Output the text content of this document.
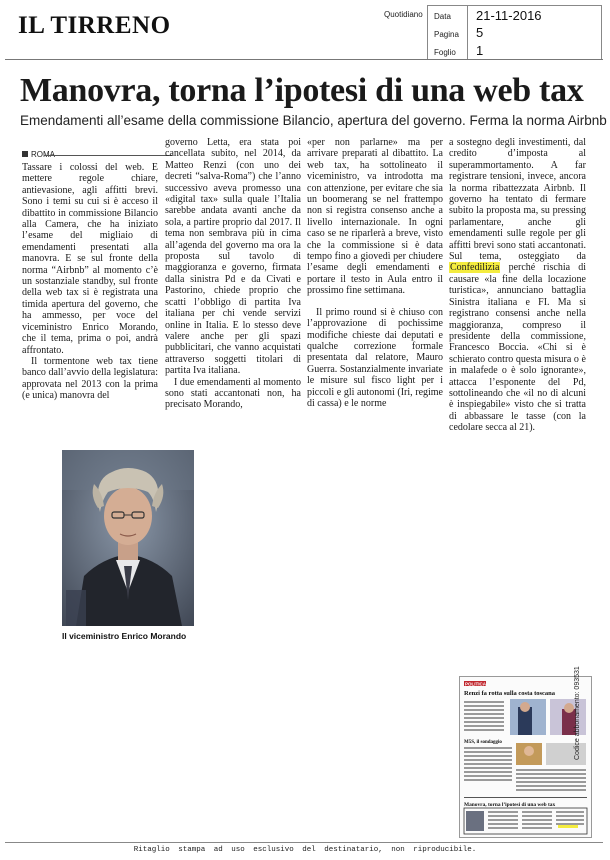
IL TIRRENO	Quotidiano Data 21-11-2016
Pagina 5
Foglio 1
Manovra, torna l’ipotesi di una web tax
Emendamenti all’esame della commissione Bilancio, apertura del governo. Ferma la norma Airbnb
ROMA

Tassare i colossi del web. E mettere regole chiare, antievasione, agli affitti brevi. Sono i temi su cui si è acceso il dibattito in commissione Bilancio alla Camera, che ha iniziato l’esame del migliaio di emendamenti presentati alla manovra. E se sul fronte della norma “Airbnb” al momento c’è un sostanziale standby, sul fronte della web tax si è registrata una timida apertura del governo, che ha ammesso, per voce del viceministro Enrico Morando, che il tema, prima o poi, andrà affrontato.

Il tormentone web tax tiene banco dall’avvio della legislatura: approvata nel 2013 con la prima (e unica) manovra del

governo Letta, era stata poi cancellata subito, nel 2014, da Matteo Renzi (con uno dei decreti “salva-Roma”) che l’anno successivo aveva promesso una «digital tax» sulla quale l’Italia sarebbe andata avanti anche da sola, a partire proprio dal 2017. Il tema non sembrava più in cima all’agenda del governo ma ora la proposta sul tavolo di maggioranza e governo, firmata dalla sinistra Pd e da Civati e Pastorino, chiede proprio che scatti l’obbligo di partita Iva italiana per chi vende servizi online in Italia. E lo stesso deve valere anche per gli spazi pubblicitari, che vanno acquistati attraverso soggetti titolari di partita Iva italiana.

I due emendamenti al momento sono stati accantonati non, ha precisato Morando,

«per non parlarne» ma per arrivare preparati al dibattito. La web tax, ha sottolineato il viceministro, va introdotta ma con attenzione, per evitare che sia un boomerang se nel frattempo non si registra consenso anche a livello internazionale. In ogni caso se ne riparlerà a breve, visto che la commissione si è data tempo fino a giovedì per chiudere l’esame degli emendamenti e portare il testo in Aula entro il prossimo fine settimana.

Il primo round si è chiuso con l’approvazione di pochissime modifiche chieste dai deputati e qualche correzione formale presentata dal relatore, Mauro Guerra. Sostanzialmente invariate le misure sul fisco light per i piccoli e gli autonomi (Iri, regime di cassa) e le norme

a sostegno degli investimenti, dal credito d’imposta al superammortamento. A far registrare tensioni, invece, ancora la norma ribattezzata Airbnb. Il governo ha tentato di fermare subito la proposta ma, su pressing parlamentare, anche gli emendamenti sulle regole per gli affitti brevi sono stati accantonati. Sul tema, osteggiato da Confedilizia perché rischia di causare «la fine della locazione turistica», annunciano battaglia Sinistra italiana e FI. Ma si registrano consensi anche nella maggioranza, compreso il presidente della commissione, Francesco Boccia. «Chi si è schierato contro questa misura o è in malafede o è solo ignorante», attacca l’esponente del Pd, sottolineando che «il no di alcuni è inspiegabile» visto che si tratta di abbassare le tasse (con la cedolare secca al 21).

Il viceministro Enrico Morando
POLITICA
Renzi fa rotta sulla costa toscana
M5S, il sondaggio
Manovra, torna l’ipotesi di una web tax
Codice abbonamento: 093531
Ritaglio stampa ad uso esclusivo del destinatario, non riproducibile.
